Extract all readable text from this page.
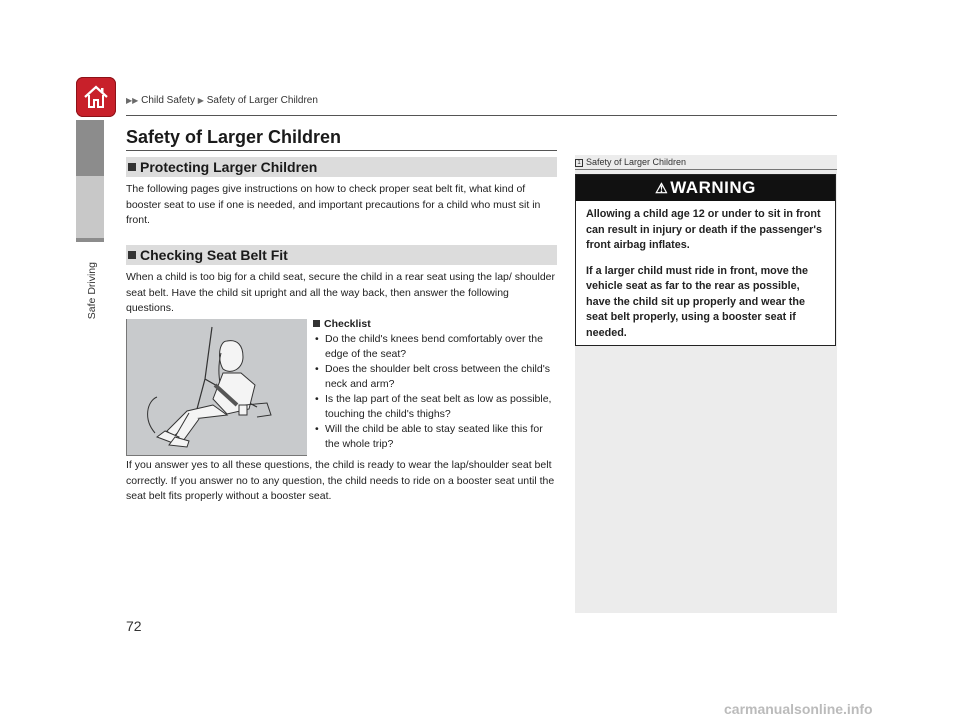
Safe Driving
▶▶ Child Safety ▶ Safety of Larger Children
Safety of Larger Children
Protecting Larger Children

The following pages give instructions on how to check proper seat belt fit, what kind of booster seat to use if one is needed, and important precautions for a child who must sit in front.

Checking Seat Belt Fit

When a child is too big for a child seat, secure the child in a rear seat using the lap/ shoulder seat belt. Have the child sit upright and all the way back, then answer the following questions.

Checklist
• Do the child's knees bend comfortably over the edge of the seat?
• Does the shoulder belt cross between the child's neck and arm?
• Is the lap part of the seat belt as low as possible, touching the child's thighs?
• Will the child be able to stay seated like this for the whole trip?

If you answer yes to all these questions, the child is ready to wear the lap/shoulder seat belt correctly. If you answer no to any question, the child needs to ride on a booster seat until the seat belt fits properly without a booster seat.

1 Safety of Larger Children
⚠ WARNING

Allowing a child age 12 or under to sit in front can result in injury or death if the passenger's front airbag inflates.

If a larger child must ride in front, move the vehicle seat as far to the rear as possible, have the child sit up properly and wear the seat belt properly, using a booster seat if needed.

72
carmanualsonline.info
